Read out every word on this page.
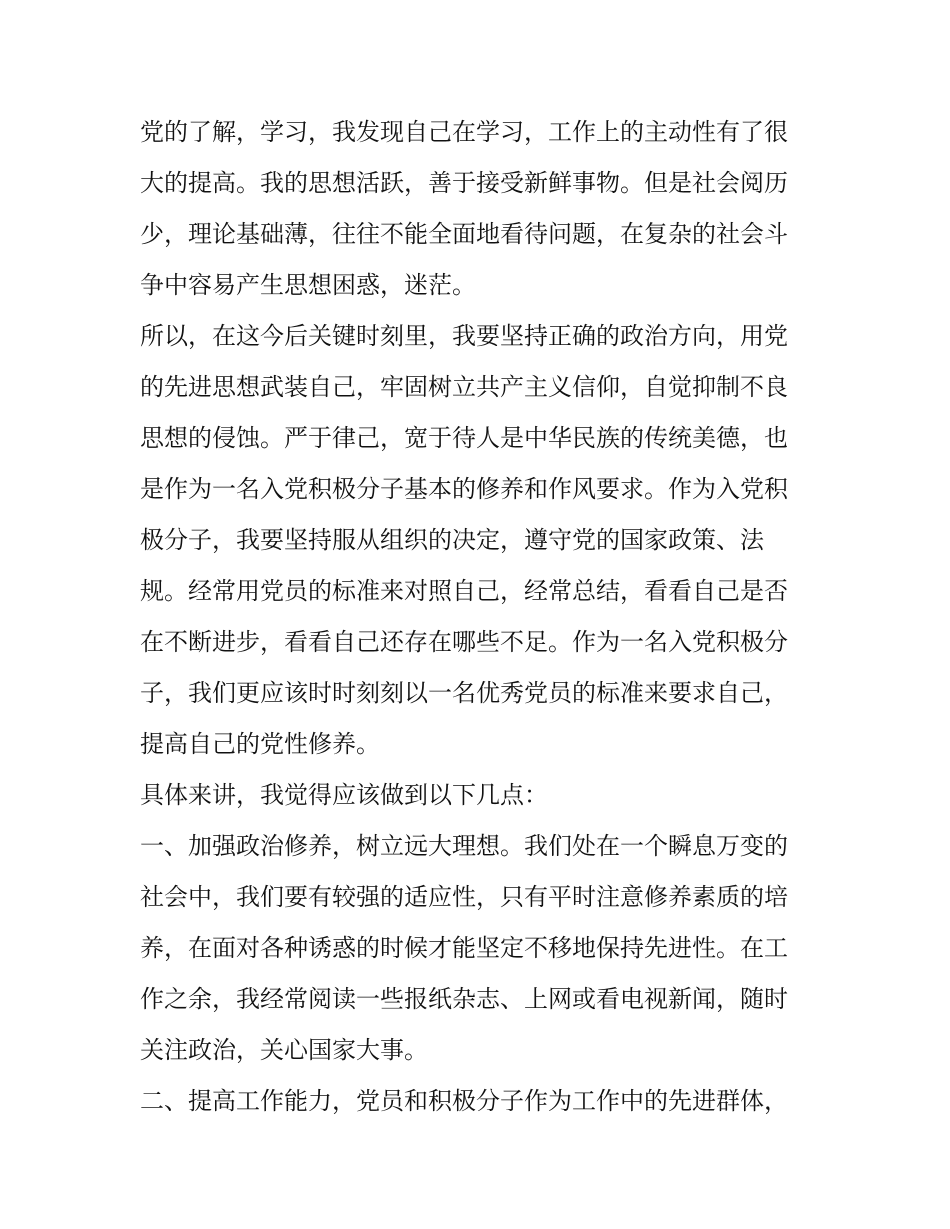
党的了解，学习，我发现自己在学习，工作上的主动性有了很
大的提高。我的思想活跃，善于接受新鲜事物。但是社会阅历
少，理论基础薄，往往不能全面地看待问题，在复杂的社会斗
争中容易产生思想困惑，迷茫。
所以，在这今后关键时刻里，我要坚持正确的政治方向，用党
的先进思想武装自己，牢固树立共产主义信仰，自觉抑制不良
思想的侵蚀。严于律己，宽于待人是中华民族的传统美德，也
是作为一名入党积极分子基本的修养和作风要求。作为入党积
极分子，我要坚持服从组织的决定，遵守党的国家政策、法
规。经常用党员的标准来对照自己，经常总结，看看自己是否
在不断进步，看看自己还存在哪些不足。作为一名入党积极分
子，我们更应该时时刻刻以一名优秀党员的标准来要求自己，
提高自己的党性修养。
具体来讲，我觉得应该做到以下几点：
一、加强政治修养，树立远大理想。我们处在一个瞬息万变的
社会中，我们要有较强的适应性，只有平时注意修养素质的培
养，在面对各种诱惑的时候才能坚定不移地保持先进性。在工
作之余，我经常阅读一些报纸杂志、上网或看电视新闻，随时
关注政治，关心国家大事。
二、提高工作能力，党员和积极分子作为工作中的先进群体，
